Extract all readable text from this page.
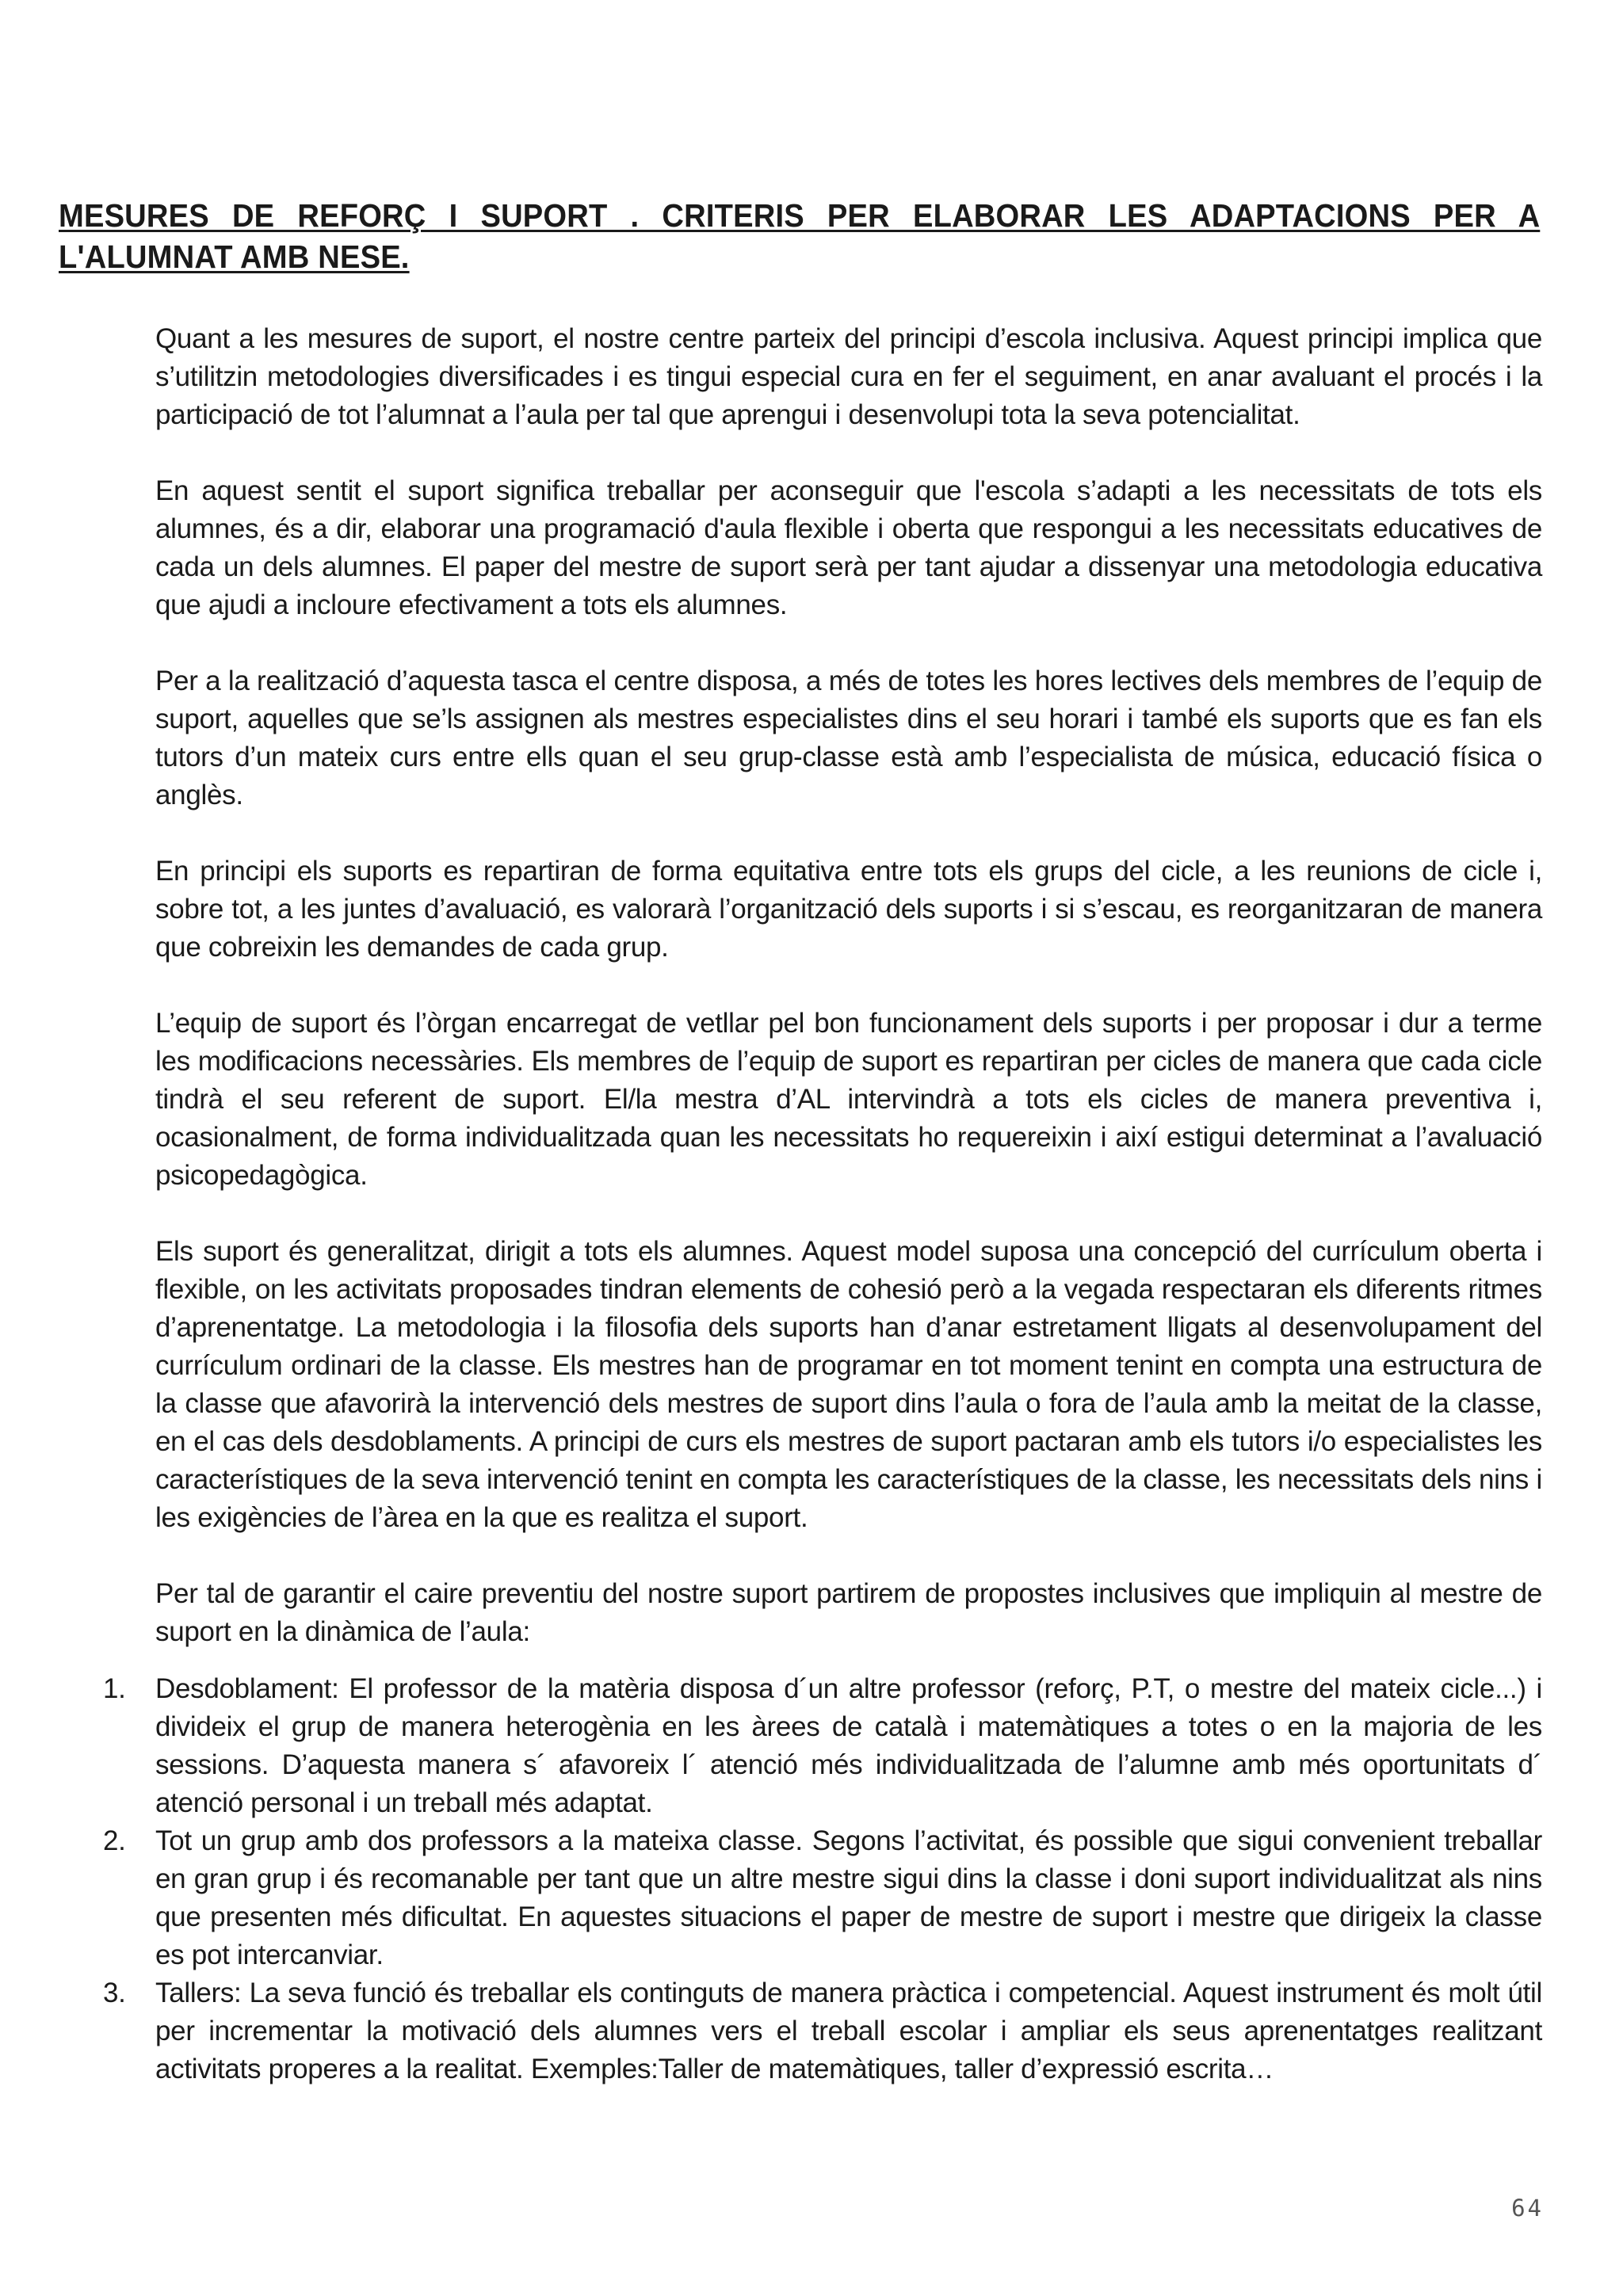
MESURES DE REFORÇ I SUPORT . CRITERIS PER ELABORAR LES ADAPTACIONS PER A L'ALUMNAT AMB NESE.

Quant a les mesures de suport, el nostre centre parteix del principi d’escola inclusiva. Aquest principi implica que s’utilitzin metodologies diversificades i es tingui especial cura en fer el seguiment, en anar avaluant el procés i la participació de tot l’alumnat a l’aula per tal que aprengui i desenvolupi tota la seva potencialitat.

En aquest sentit el suport significa treballar per aconseguir que l'escola s’adapti a les necessitats de tots els alumnes, és a dir, elaborar una programació d'aula flexible i oberta que respongui a les necessitats educatives de cada un dels alumnes. El paper del mestre de suport serà per tant ajudar a dissenyar una metodologia educativa que ajudi a incloure efectivament a tots els alumnes.

Per a la realització d’aquesta tasca el centre disposa, a més de totes les hores lectives dels membres de l’equip de suport, aquelles que se’ls assignen als mestres especialistes dins el seu horari i també els suports que es fan els tutors d’un mateix curs entre ells quan el seu grup-classe està amb l’especialista de música, educació física o anglès.

En principi els suports es repartiran de forma equitativa entre tots els grups del cicle, a les reunions de cicle i, sobre tot, a les juntes d’avaluació, es valorarà l’organització dels suports i si s’escau, es reorganitzaran de manera que cobreixin les demandes de cada grup.

L’equip de suport és l’òrgan encarregat de vetllar pel bon funcionament dels suports i per proposar i dur a terme les modificacions necessàries. Els membres de l’equip de suport es repartiran per cicles de manera que cada cicle tindrà el seu referent de suport. El/la mestra d’AL intervindrà a tots els cicles de manera preventiva i, ocasionalment, de forma individualitzada quan les necessitats ho requereixin i així estigui determinat a l’avaluació psicopedagògica.

Els suport és generalitzat, dirigit a tots els alumnes. Aquest model suposa una concepció del currículum oberta i flexible, on les activitats proposades tindran elements de cohesió però a la vegada respectaran els diferents ritmes d’aprenentatge. La metodologia i la filosofia dels suports han d’anar estretament lligats al desenvolupament del currículum ordinari de la classe. Els mestres han de programar en tot moment tenint en compta una estructura de la classe que afavorirà la intervenció dels mestres de suport dins l’aula o fora de l’aula amb la meitat de la classe, en el cas dels desdoblaments. A principi de curs els mestres de suport pactaran amb els tutors i/o especialistes les característiques de la seva intervenció tenint en compta les característiques de la classe, les necessitats dels nins i les exigències de l’àrea en la que es realitza el suport.

Per tal de garantir el caire preventiu del nostre suport partirem de propostes inclusives que impliquin al mestre de suport en la dinàmica de l’aula:

1.	Desdoblament: El professor de la matèria disposa d´un altre professor (reforç, P.T, o mestre del mateix cicle...) i divideix el grup de manera heterogènia en les àrees de català i matemàtiques a totes o en la majoria de les sessions. D’aquesta manera s´ afavoreix l´ atenció més individualitzada de l’alumne amb més oportunitats d´ atenció personal i un treball més adaptat.
2.	Tot un grup amb dos professors a la mateixa classe. Segons l’activitat, és possible que sigui convenient treballar en gran grup i és recomanable per tant que un altre mestre sigui dins la classe i doni suport individualitzat als nins que presenten més dificultat. En aquestes situacions el paper de mestre de suport i mestre que dirigeix la classe es pot intercanviar.
3.	Tallers: La seva funció és treballar els continguts de manera pràctica i competencial. Aquest instrument és molt útil per incrementar la motivació dels alumnes vers el treball escolar i ampliar els seus aprenentatges realitzant activitats properes a la realitat. Exemples:Taller de matemàtiques, taller d’expressió escrita…
64
